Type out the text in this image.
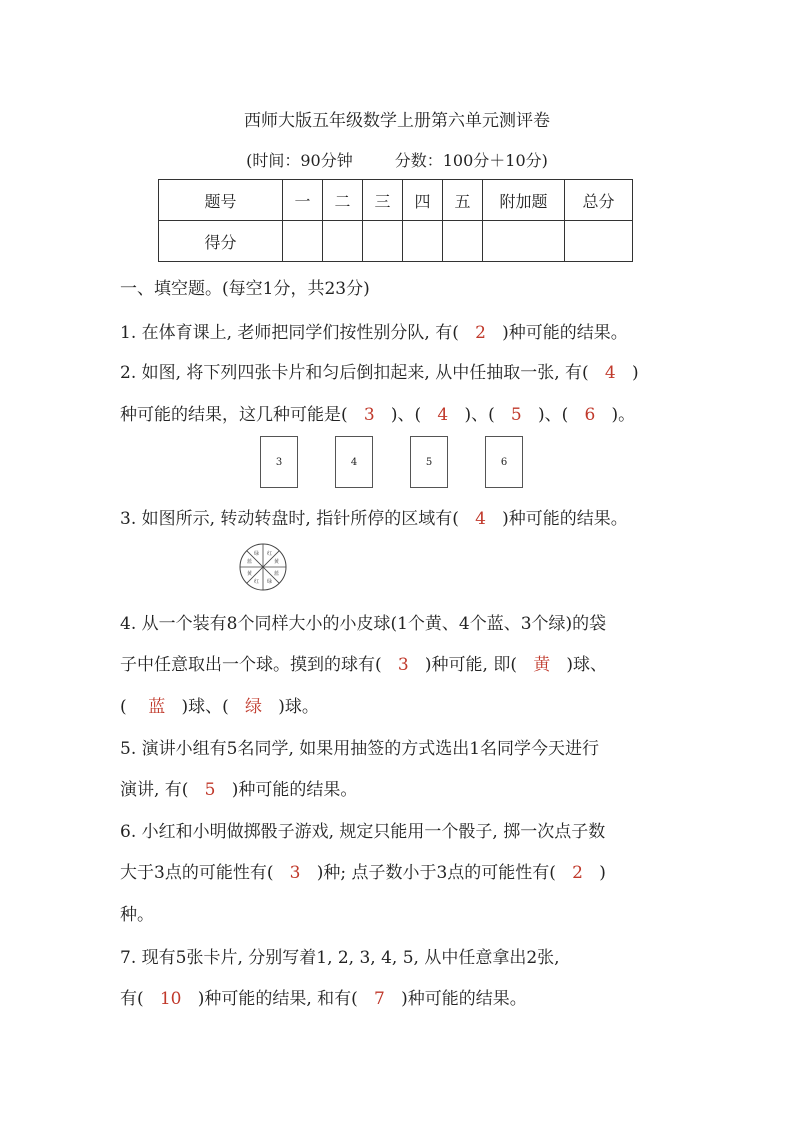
西师大版五年级数学上册第六单元测评卷
(时间：90分钟	分数：100分＋10分)
题号	一	二	三	四	五	附加题	总分
得分							
一、填空题。(每空1分，共23分)
1. 在体育课上, 老师把同学们按性别分队, 有( 2 )种可能的结果。
2. 如图, 将下列四张卡片和匀后倒扣起来, 从中任抽取一张, 有( 4 )
种可能的结果，这几种可能是( 3 )、( 4 )、( 5 )、( 6 )。
3	4	5	6
3. 如图所示, 转动转盘时, 指针所停的区域有( 4 )种可能的结果。
红
黄
蓝
绿
红
黄
蓝
绿
4. 从一个装有8个同样大小的小皮球(1个黄、4个蓝、3个绿)的袋
子中任意取出一个球。摸到的球有( 3 )种可能, 即( 黄 )球、
( 蓝 )球、( 绿 )球。
5. 演讲小组有5名同学, 如果用抽签的方式选出1名同学今天进行
演讲, 有( 5 )种可能的结果。
6. 小红和小明做掷骰子游戏, 规定只能用一个骰子, 掷一次点子数
大于3点的可能性有( 3 )种; 点子数小于3点的可能性有( 2 )
种。
7. 现有5张卡片, 分别写着1, 2, 3, 4, 5, 从中任意拿出2张,
有( 10 )种可能的结果, 和有( 7 )种可能的结果。
